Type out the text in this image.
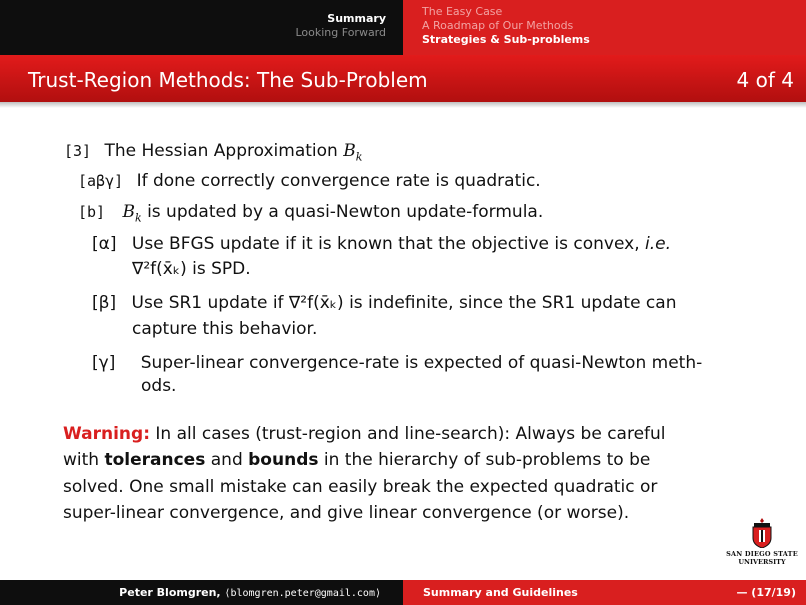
Summary
Looking Forward
The Easy Case
A Roadmap of Our Methods
Strategies & Sub-problems
Trust-Region Methods: The Sub-Problem	4 of 4
[3] The Hessian Approximation $B_k$
[aβγ] If done correctly convergence rate is quadratic.
[b] $B_k$ is updated by a quasi-Newton update-formula.
[α] Use BFGS update if it is known that the objective is convex, i.e.
∇²f(x̄ₖ) is SPD.
[β] Use SR1 update if ∇²f(x̄ₖ) is indefinite, since the SR1 update can
capture this behavior.
[γ] Super-linear convergence-rate is expected of quasi-Newton meth-
ods.
Warning: In all cases (trust-region and line-search): Always be careful
with tolerances and bounds in the hierarchy of sub-problems to be
solved. One small mistake can easily break the expected quadratic or
super-linear convergence, and give linear convergence (or worse).
SAN DIEGO STATE
UNIVERSITY
Peter Blomgren, ⟨blomgren.peter@gmail.com⟩	Summary and Guidelines	— (17/19)
